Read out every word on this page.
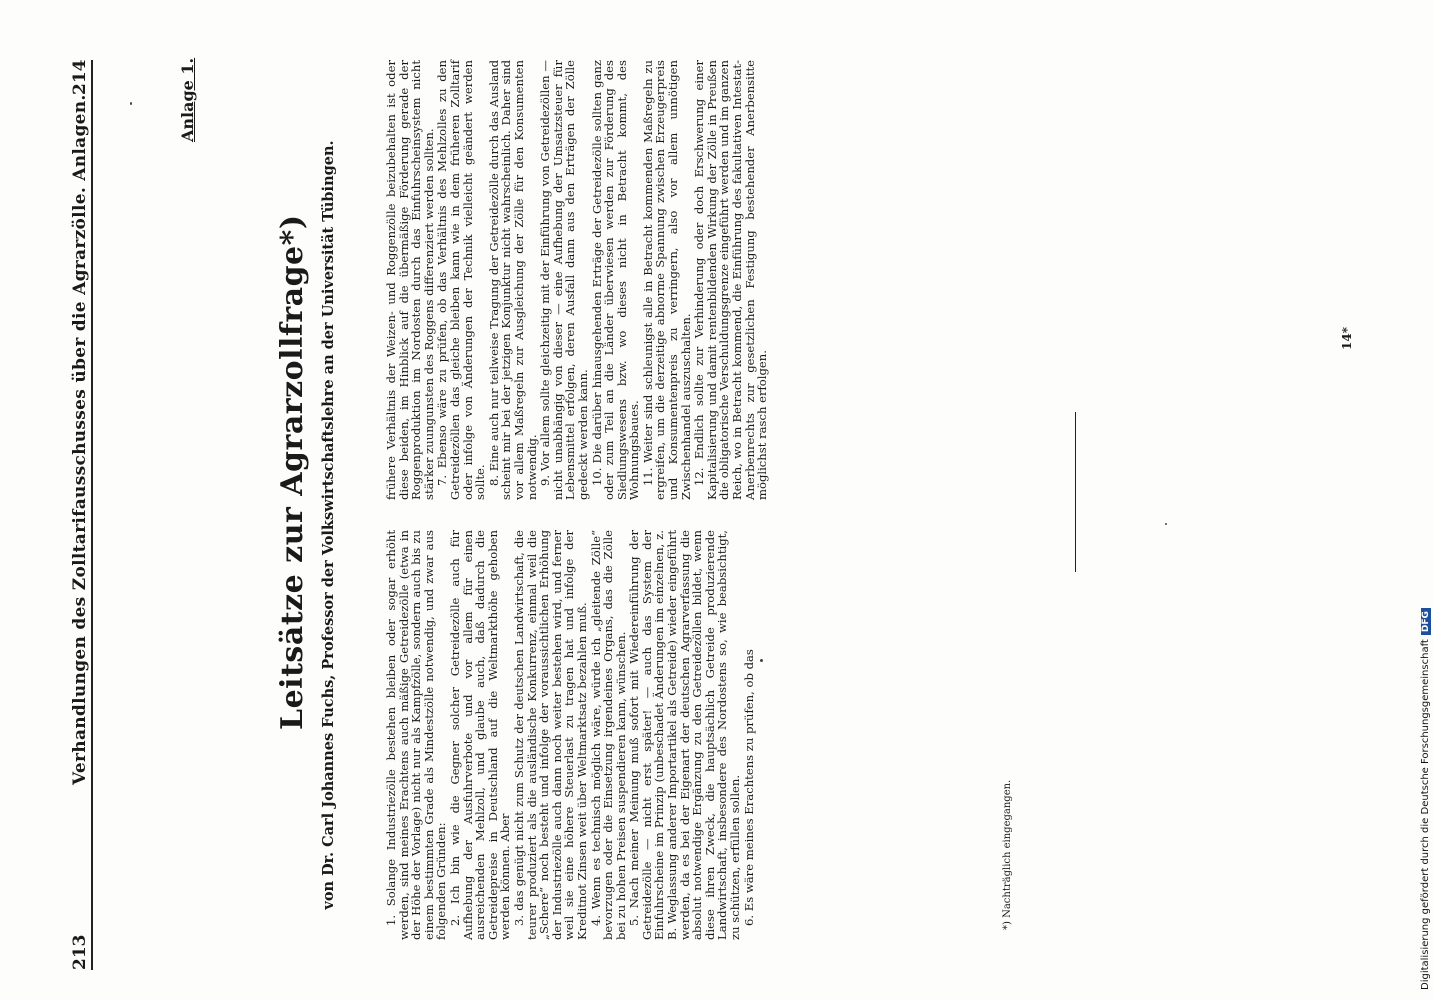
213
Verhandlungen des Zolltarifausschusses über die Agrarzölle. Anlagen.
214	Anlage 1.
Leitsätze zur Agrarzollfrage*) von Dr. Carl Johannes Fuchs, Professor der Volkswirtschaftslehre an der Universität Tübingen.	1. Solange Industriezölle bestehen bleiben oder sogar erhöht werden, sind meines Erachtens auch mäßige Getreidezölle (etwa in der Höhe der Vorlage) nicht nur als Kampfzölle, sondern auch bis zu einem bestimmten Grade als Mindestzölle notwendig, und zwar aus folgenden Gründen: 2. Ich bin wie die Gegner solcher Getreidezölle auch für Aufhebung der Ausfuhrverbote und vor allem für einen ausreichenden Mehlzoll, und glaube auch, daß dadurch die Getreidepreise in Deutschland auf die Weltmarkthöhe gehoben werden können. Aber 3. das genügt nicht zum Schutz der deutschen Landwirtschaft, die teurer produziert als die ausländische Konkurrenz, einmal weil die „Schere“ noch besteht und infolge der voraussichtlichen Erhöhung der Industriezölle auch dann noch weiter bestehen wird, und ferner weil sie eine höhere Steuerlast zu tragen hat und infolge der Kreditnot Zinsen weit über Weltmarktsatz bezahlen muß. 4. Wenn es technisch möglich wäre, würde ich „gleitende Zölle“ bevorzugen oder die Einsetzung irgendeines Organs, das die Zölle bei zu hohen Preisen suspendieren kann, wünschen. 5. Nach meiner Meinung muß sofort mit Wiedereinführung der Getreidezölle — nicht erst später! — auch das System der Einfuhrscheine im Prinzip (unbeschadet Änderungen im einzelnen, z. B. Weglassung anderer Importartikel als Getreide) wieder eingeführt werden, da es bei der Eigenart der deutschen Agrarverfassung die absolut notwendige Ergänzung zu den Getreidezöllen bildet, wenn diese ihren Zweck, die hauptsächlich Getreide produzierende Landwirtschaft, insbesondere des Nordostens so, wie beabsichtigt, zu schützen, erfüllen sollen. 6. Es wäre meines Erachtens zu prüfen, ob das

frühere Verhältnis der Weizen- und Roggenzölle beizubehalten ist oder diese beiden, im Hinblick auf die übermäßige Förderung gerade der Roggenproduktion im Nordosten durch das Einfuhrscheinsystem nicht stärker zuungunsten des Roggens differenziert werden sollten. 7. Ebenso wäre zu prüfen, ob das Verhältnis des Mehlzolles zu den Getreidezöllen das gleiche bleiben kann wie in dem früheren Zolltarif oder infolge von Änderungen der Technik vielleicht geändert werden sollte. 8. Eine auch nur teilweise Tragung der Getreidezölle durch das Ausland scheint mir bei der jetzigen Konjunktur nicht wahrscheinlich. Daher sind vor allem Maßregeln zur Ausgleichung der Zölle für den Konsumenten notwendig. 9. Vor allem sollte gleichzeitig mit der Einführung von Getreidezöllen — nicht unabhängig von dieser — eine Aufhebung der Umsatzsteuer für Lebensmittel erfolgen, deren Ausfall dann aus den Erträgen der Zölle gedeckt werden kann. 10. Die darüber hinausgehenden Erträge der Getreidezölle sollten ganz oder zum Teil an die Länder überwiesen werden zur Förderung des Siedlungswesens bzw. wo dieses nicht in Betracht kommt, des Wohnungsbaues. 11. Weiter sind schleunigst alle in Betracht kommenden Maßregeln zu ergreifen, um die derzeitige abnorme Spannung zwischen Erzeugerpreis und Konsumentenpreis zu verringern, also vor allem unnötigen Zwischenhandel auszuschalten. 12. Endlich sollte zur Verhinderung oder doch Erschwerung einer Kapitalisierung und damit rentenbildenden Wirkung der Zölle in Preußen die obligatorische Verschuldungsgrenze eingeführt werden und im ganzen Reich, wo in Betracht kommend, die Einführung des fakultativen Intestat-Anerbenrechts zur gesetzlichen Festigung bestehender Anerbensitte möglichst rasch erfolgen.

*) Nachträglich eingegangen.
14*
Digitalisierung gefördert durch die Deutsche ForschungsgemeinschaftDFG
